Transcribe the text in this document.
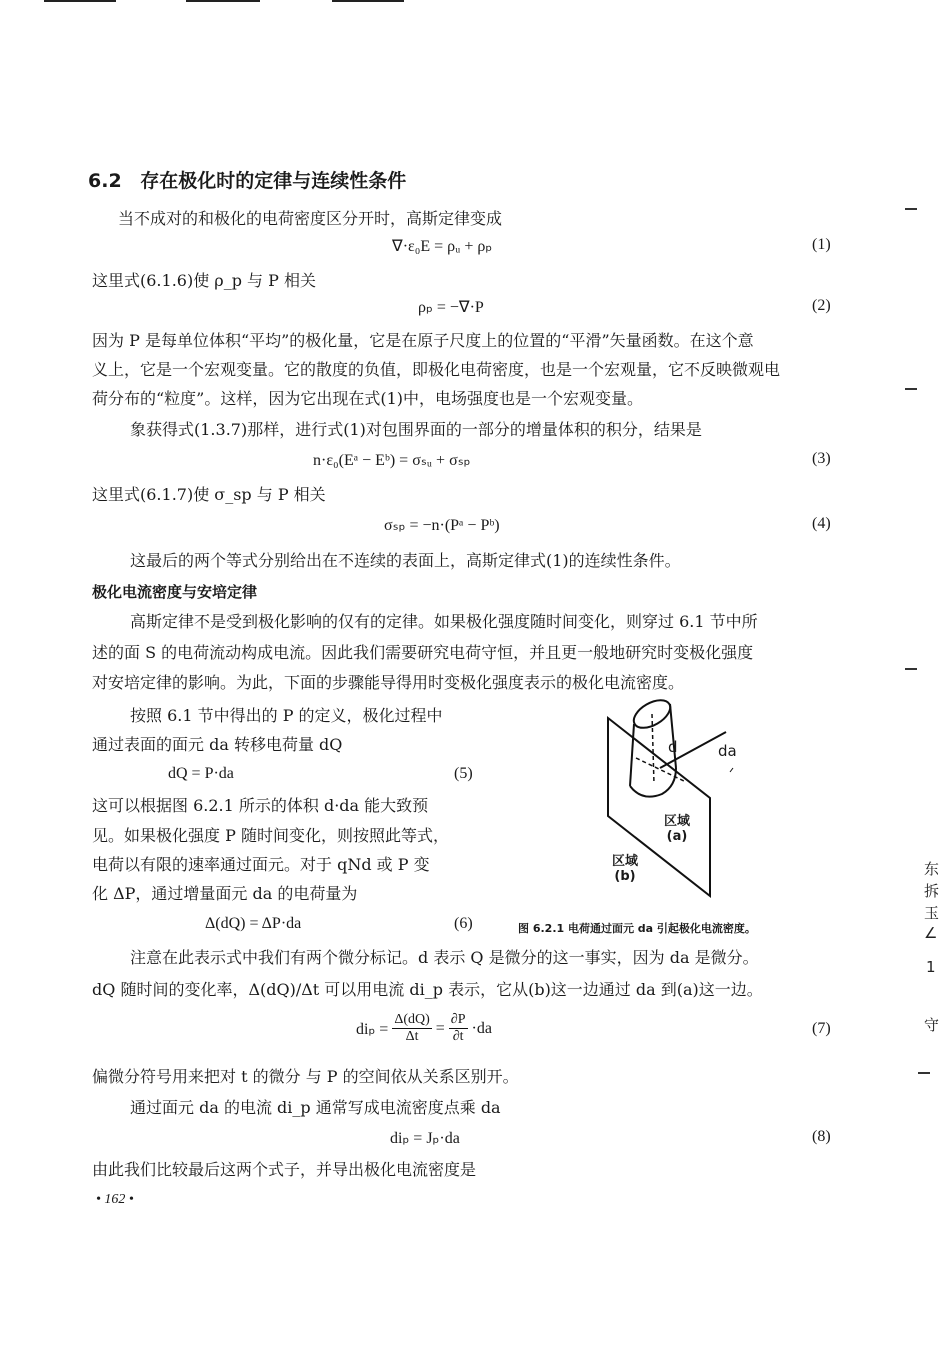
6.2 存在极化时的定律与连续性条件
当不成对的和极化的电荷密度区分开时，高斯定律变成
∇·ε₀E = ρᵤ + ρₚ	(1)
这里式(6.1.6)使 ρ_p 与 P 相关
ρₚ = −∇·P	(2)
因为 P 是每单位体积“平均”的极化量，它是在原子尺度上的位置的“平滑”矢量函数。在这个意
义上，它是一个宏观变量。它的散度的负值，即极化电荷密度，也是一个宏观量，它不反映微观电
荷分布的“粒度”。这样，因为它出现在式(1)中，电场强度也是一个宏观变量。
象获得式(1.3.7)那样，进行式(1)对包围界面的一部分的增量体积的积分，结果是
n·ε₀(Eᵃ − Eᵇ) = σₛᵤ + σₛₚ	(3)
这里式(6.1.7)使 σ_sp 与 P 相关
σₛₚ = −n·(Pᵃ − Pᵇ)	(4)
这最后的两个等式分别给出在不连续的表面上，高斯定律式(1)的连续性条件。
极化电流密度与安培定律
高斯定律不是受到极化影响的仅有的定律。如果极化强度随时间变化，则穿过 6.1 节中所
述的面 S 的电荷流动构成电流。因此我们需要研究电荷守恒，并且更一般地研究时变极化强度
对安培定律的影响。为此，下面的步骤能导得用时变极化强度表示的极化电流密度。
按照 6.1 节中得出的 P 的定义，极化过程中
通过表面的面元 da 转移电荷量 dQ
dQ = P·da	(5)
这可以根据图 6.2.1 所示的体积 d·da 能大致预
见。如果极化强度 P 随时间变化，则按照此等式，
电荷以有限的速率通过面元。对于 qNd 或 P 变
化 ΔP，通过增量面元 da 的电荷量为
Δ(dQ) = ΔP·da	(6)
d	da
区域
(a)
区域
(b)
图 6.2.1 电荷通过面元 da 引起极化电流密度。
注意在此表示式中我们有两个微分标记。d 表示 Q 是微分的这一事实，因为 da 是微分。
dQ 随时间的变化率，Δ(dQ)/Δt 可以用电流 di_p 表示，它从(b)这一边通过 da 到(a)这一边。
$di_p = \frac{\Delta(dQ)}{\Delta t} = \frac{\partial P}{\partial t} \cdot da$	(7)
偏微分符号用来把对 t 的微分 与 P 的空间依从关系区别开。
通过面元 da 的电流 di_p 通常写成电流密度点乘 da
diₚ = Jₚ·da	(8)
由此我们比较最后这两个式子，并导出极化电流密度是
• 162 •
东
拆
玉
∠
1
守
